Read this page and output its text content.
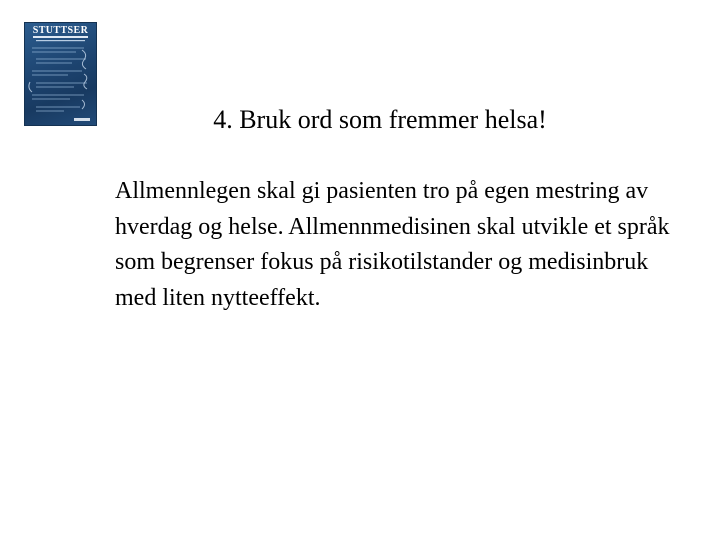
STUTTSER
4. Bruk ord som fremmer helsa!

Allmennlegen skal gi pasienten tro på egen mestring av hverdag og helse. Allmennmedisinen skal utvikle et språk som begrenser fokus på risikotilstander og medisinbruk med liten nytteeffekt.
